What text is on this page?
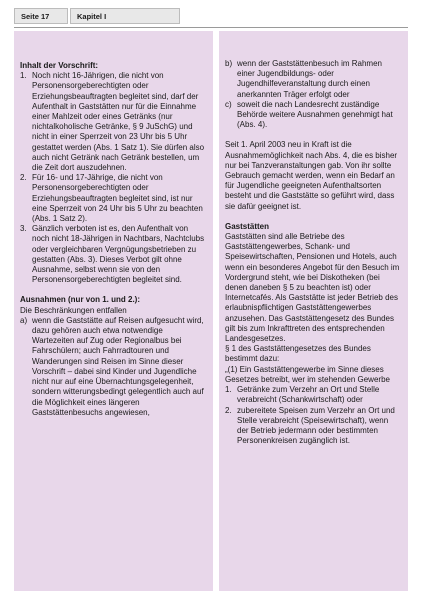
Seite 17	Kapitel I

Inhalt der Vorschrift:

1. Noch nicht 16-Jährigen, die nicht von Personensorgeberechtigten oder Erziehungsbeauftragten begleitet sind, darf der Aufenthalt in Gaststätten nur für die Einnahme einer Mahlzeit oder eines Getränks (nur nichtalkoholische Getränke, § 9 JuSchG) und nicht in einer Sperrzeit von 23 Uhr bis 5 Uhr gestattet werden (Abs. 1 Satz 1). Sie dürfen also auch nicht Getränk nach Getränk bestellen, um die Zeit dort auszudehnen.
2. Für 16- und 17-Jährige, die nicht von Personensorgeberechtigten oder Erziehungsbeauftragten begleitet sind, ist nur eine Sperrzeit von 24 Uhr bis 5 Uhr zu beachten (Abs. 1 Satz 2).
3. Gänzlich verboten ist es, den Aufenthalt von noch nicht 18-Jährigen in Nachtbars, Nachtclubs oder vergleichbaren Vergnügungsbetrieben zu gestatten (Abs. 3). Dieses Verbot gilt ohne Ausnahme, selbst wenn sie von den Personensorgeberechtigten begleitet sind.

Ausnahmen (nur von 1. und 2.):

Die Beschränkungen entfallen

a) wenn die Gaststätte auf Reisen aufgesucht wird, dazu gehören auch etwa notwendige Wartezeiten auf Zug oder Regionalbus bei Fahrschülern; auch Fahrradtouren und Wanderungen sind Reisen im Sinne dieser Vorschrift – dabei sind Kinder und Jugendliche nicht nur auf eine Übernachtungsgelegenheit, sondern witterungsbedingt gelegentlich auch auf die Möglichkeit eines längeren Gaststättenbesuchs angewiesen,
b) wenn der Gaststättenbesuch im Rahmen einer Jugendbildungs- oder Jugendhilfeveranstaltung durch einen anerkannten Träger erfolgt oder
c) soweit die nach Landesrecht zuständige Behörde weitere Ausnahmen genehmigt hat (Abs. 4).

Seit 1. April 2003 neu in Kraft ist die Ausnahmemöglichkeit nach Abs. 4, die es bisher nur bei Tanzveranstaltungen gab. Von ihr sollte Gebrauch gemacht werden, wenn ein Bedarf an für Jugendliche geeigneten Aufenthaltsorten besteht und die Gaststätte so geführt wird, dass sie dafür geeignet ist.

Gaststätten

Gaststätten sind alle Betriebe des Gaststättengewerbes, Schank- und Speisewirtschaften, Pensionen und Hotels, auch wenn ein besonderes Angebot für den Besuch im Vordergrund steht, wie bei Diskotheken (bei denen daneben § 5 zu beachten ist) oder Internetcafés. Als Gaststätte ist jeder Betrieb des erlaubnispflichtigen Gaststättengewerbes anzusehen. Das Gaststättengesetz des Bundes gilt bis zum Inkrafttreten des entsprechenden Landesgesetzes.

§ 1 des Gaststättengesetzes des Bundes bestimmt dazu:

„(1) Ein Gaststättengewerbe im Sinne dieses Gesetzes betreibt, wer im stehenden Gewerbe

1. Getränke zum Verzehr an Ort und Stelle verabreicht (Schankwirtschaft) oder
2. zubereitete Speisen zum Verzehr an Ort und Stelle verabreicht (Speisewirtschaft), wenn der Betrieb jedermann oder bestimmten Personenkreisen zugänglich ist.
